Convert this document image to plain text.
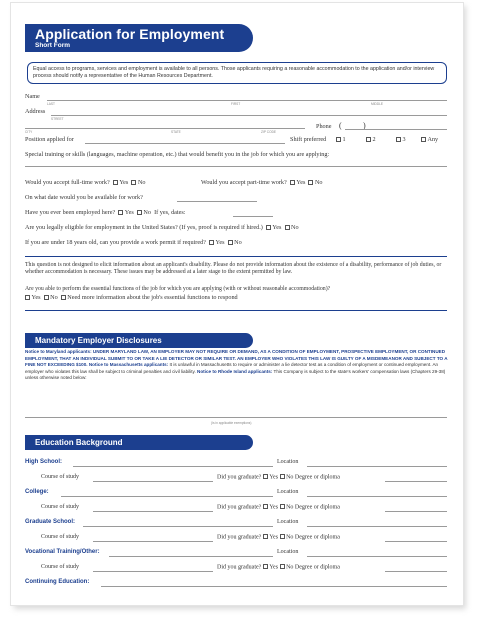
Application for Employment
Short Form
Equal access to programs, services and employment is available to all persons. Those applicants requiring a reasonable accommodation to the application and/or interview process should notify a representative of the Human Resources Department.
Name
LAST	FIRST	MIDDLE
Address
STREET
Phone (	)
CITY	STATE	ZIP CODE
Position applied for	Shift preferred	1	2	3	Any
Special training or skills (languages, machine operation, etc.) that would benefit you in the job for which you are applying:
Would you accept full-time work? Yes No	Would you accept part-time work? Yes No
On what date would you be available for work?
Have you ever been employed here? Yes No If yes, dates:
Are you legally eligible for employment in the United States? (If yes, proof is required if hired.) Yes No
If you are under 18 years old, can you provide a work permit if required? Yes No
This question is not designed to elicit information about an applicant's disability. Please do not provide information about the existence of a disability, performance of job duties, or whether accommodation is necessary. These issues may be addressed at a later stage to the extent permitted by law.
Are you able to perform the essential functions of the job for which you are applying (with or without reasonable accommodation)?
Yes No Need more information about the job's essential functions to respond
Mandatory Employer Disclosures
Notice to Maryland applicants: UNDER MARYLAND LAW, AN EMPLOYER MAY NOT REQUIRE OR DEMAND, AS A CONDITION OF EMPLOYMENT, PROSPECTIVE EMPLOYMENT, OR CONTINUED EMPLOYMENT, THAT AN INDIVIDUAL SUBMIT TO OR TAKE A LIE DETECTOR OR SIMILAR TEST. AN EMPLOYER WHO VIOLATES THIS LAW IS GUILTY OF A MISDEMEANOR AND SUBJECT TO A FINE NOT EXCEEDING $100. Notice to Massachusetts applicants: It is unlawful in Massachusetts to require or administer a lie detector test as a condition of employment or continued employment. An employer who violates this law shall be subject to criminal penalties and civil liability. Notice to Rhode Island applicants: This Company is subject to the state's workers' compensation laws (Chapters 29-38) unless otherwise noted below:
(Is in applicable exemptions)
Education Background
High School:	Location
Course of study	Did you graduate? Yes No Degree or diploma
College:	Location
Course of study	Did you graduate? Yes No Degree or diploma
Graduate School:	Location
Course of study	Did you graduate? Yes No Degree or diploma
Vocational Training/Other:	Location
Course of study	Did you graduate? Yes No Degree or diploma
Continuing Education:
